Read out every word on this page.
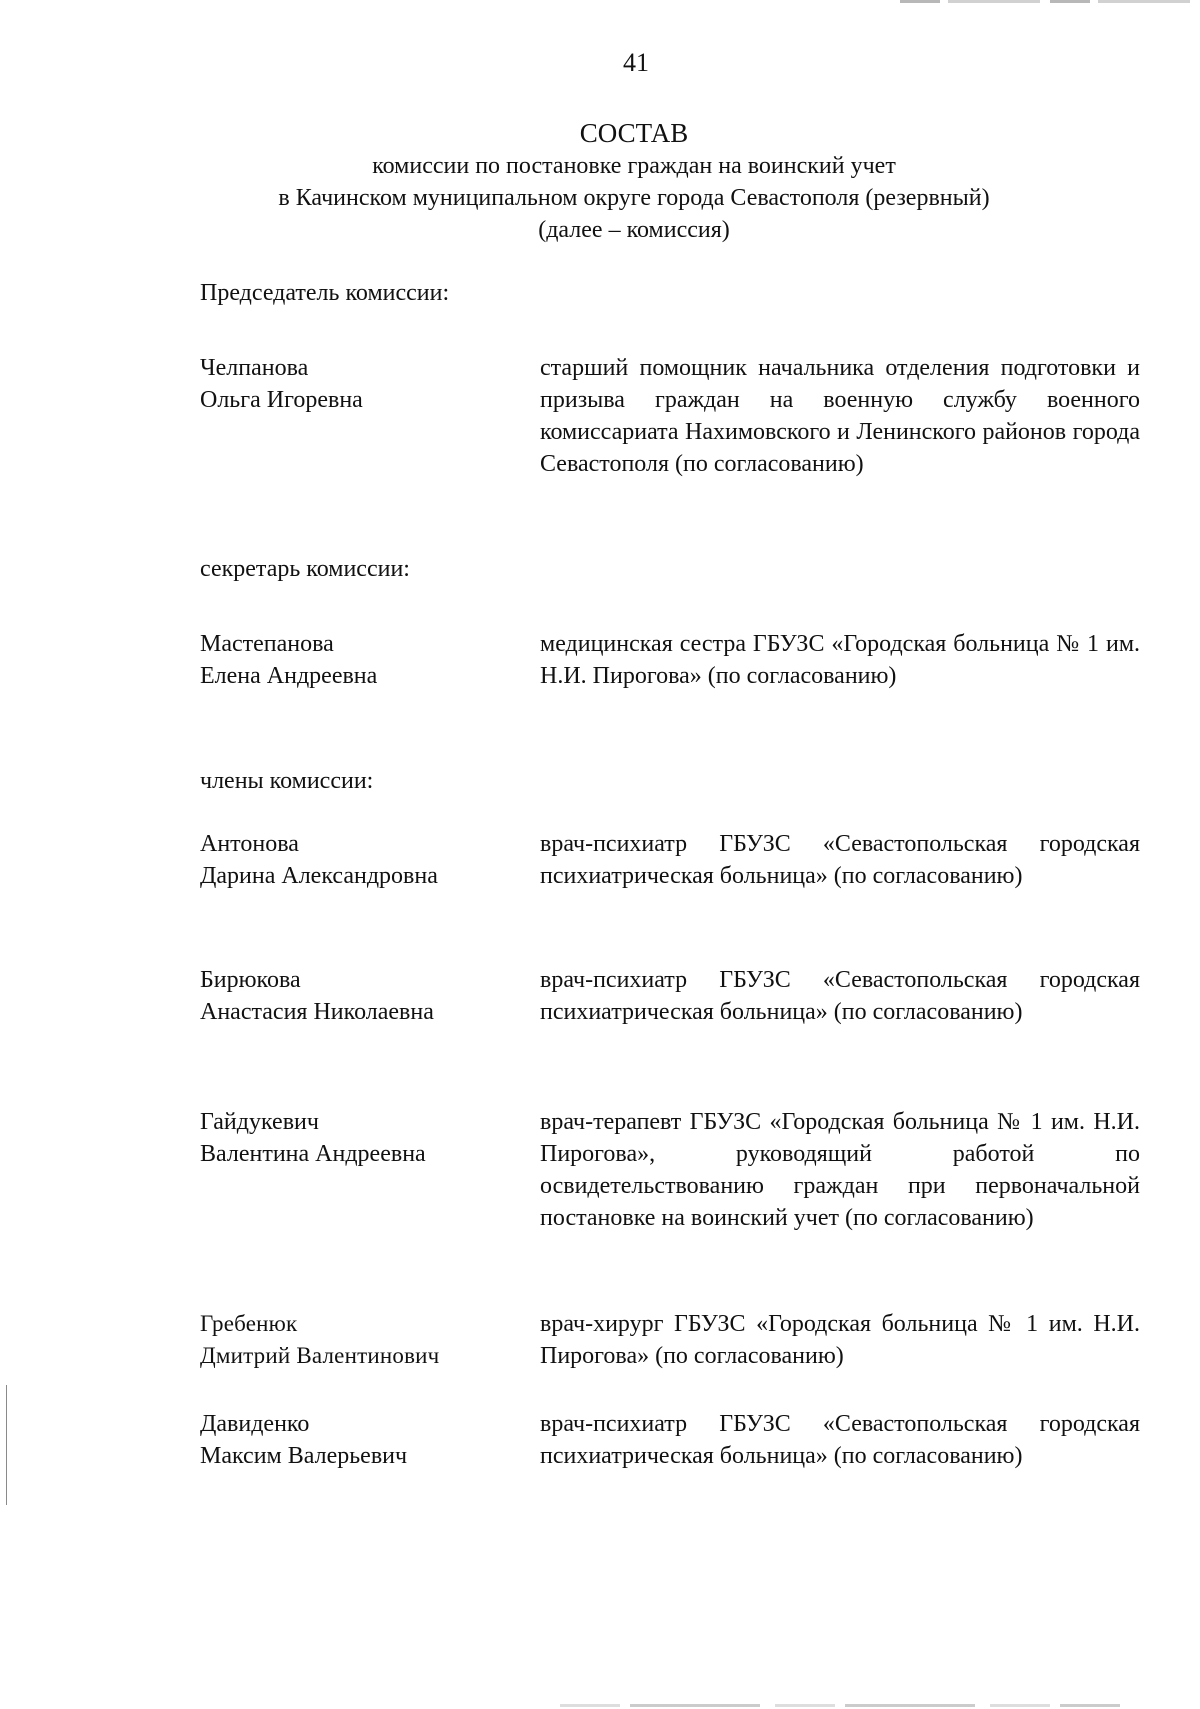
41
СОСТАВ
комиссии по постановке граждан на воинский учет
в Качинском муниципальном округе города Севастополя (резервный)
(далее – комиссия)
Председатель комиссии:
Челпанова
Ольга Игоревна
старший помощник начальника отделения подготовки и призыва граждан на военную службу военного комиссариата Нахимовского и Ленинского районов города Севастополя (по согласованию)
секретарь комиссии:
Мастепанова
Елена Андреевна
медицинская сестра ГБУЗС «Городская больница № 1 им. Н.И. Пирогова» (по согласованию)
члены комиссии:
Антонова
Дарина Александровна
врач-психиатр ГБУЗС «Севастопольская городская психиатрическая больница» (по согласованию)
Бирюкова
Анастасия Николаевна
врач-психиатр ГБУЗС «Севастопольская городская психиатрическая больница» (по согласованию)
Гайдукевич
Валентина Андреевна
врач-терапевт ГБУЗС «Городская больница № 1 им. Н.И. Пирогова», руководящий работой по освидетельствованию граждан при первоначальной постановке на воинский учет (по согласованию)
Гребенюк
Дмитрий Валентинович
врач-хирург ГБУЗС «Городская больница № 1 им. Н.И. Пирогова» (по согласованию)
Давиденко
Максим Валерьевич
врач-психиатр ГБУЗС «Севастопольская городская психиатрическая больница» (по согласованию)
